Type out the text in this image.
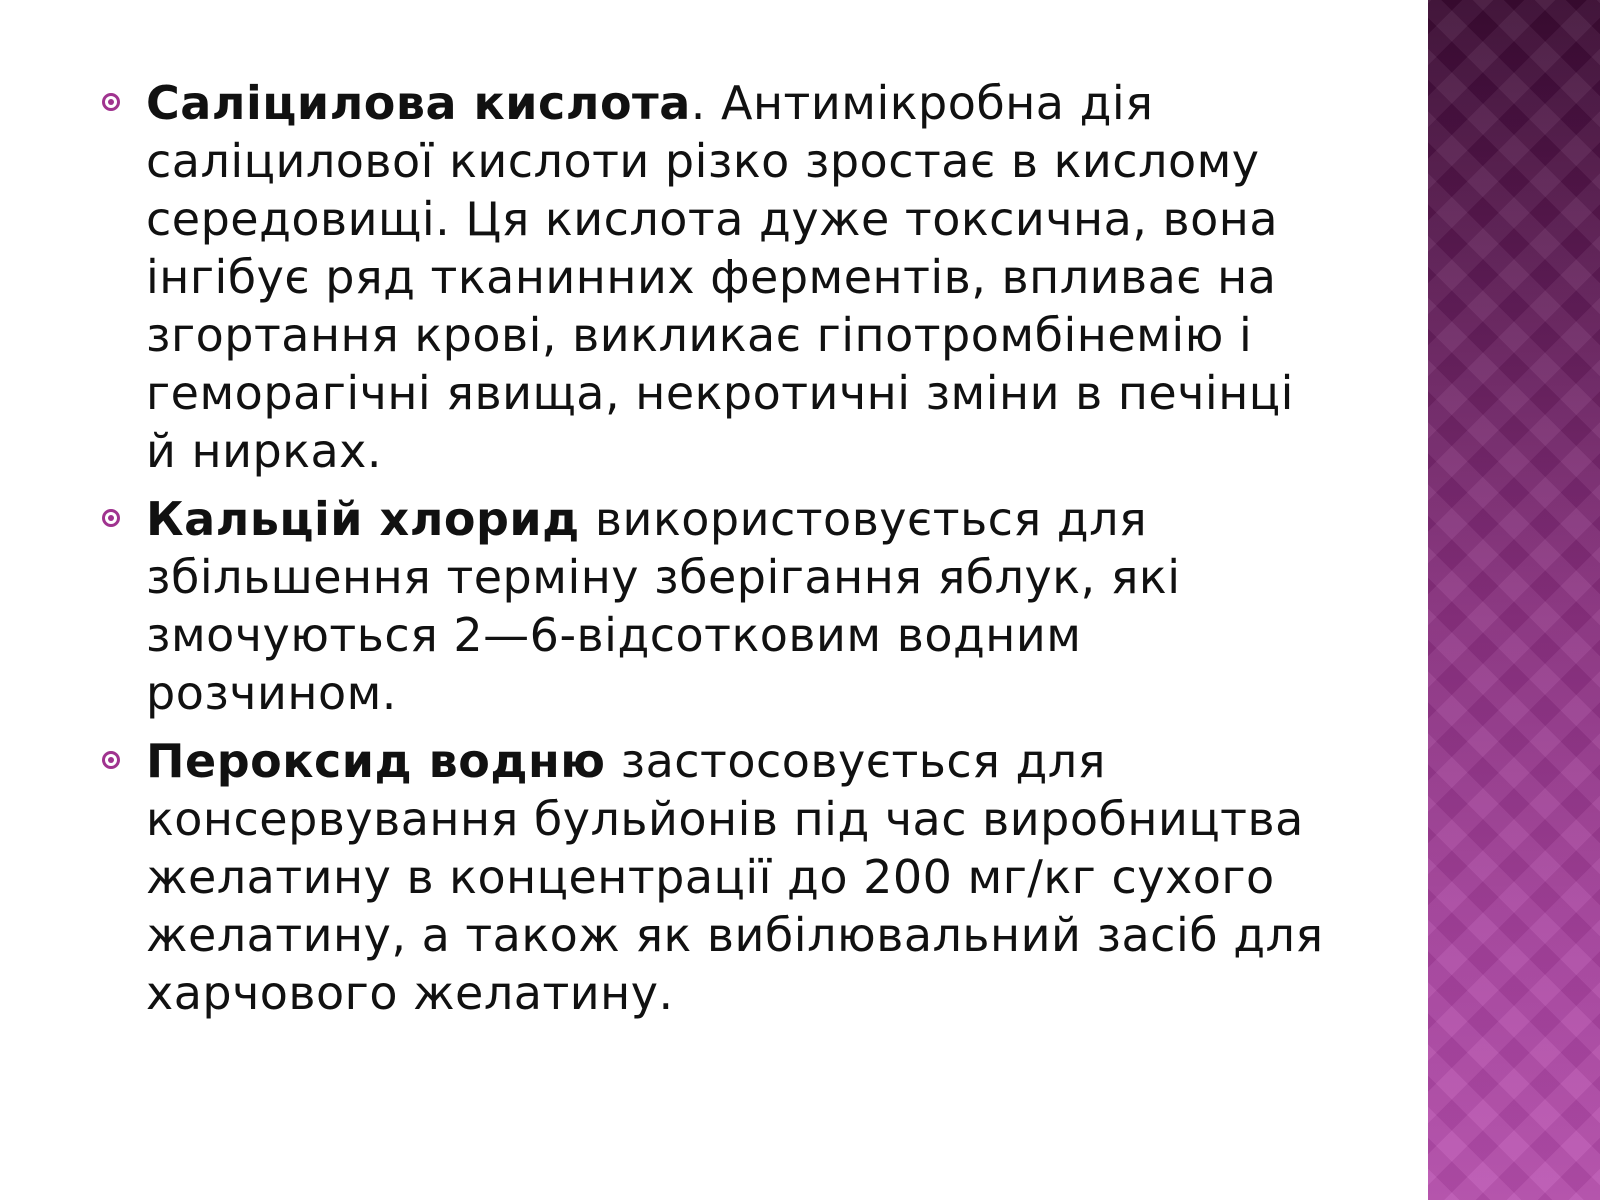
Саліцилова кислота. Антимікробна дія саліцилової кислоти різко зростає в кислому середовищі. Ця кислота дуже токсична, вона інгібує ряд тканинних ферментів, впливає на згортання крові, викликає гіпотромбінемію і геморагічні явища, некротичні зміни в печінці й нирках.
Кальцій хлорид використовується для збільшення терміну зберігання яблук, які змочуються 2—6-відсотковим водним розчином.
Пероксид водню застосовується для консервування бульйонів під час виробництва желатину в концентрації до 200 мг/кг сухого желатину, а також як вибілювальний засіб для харчового желатину.
